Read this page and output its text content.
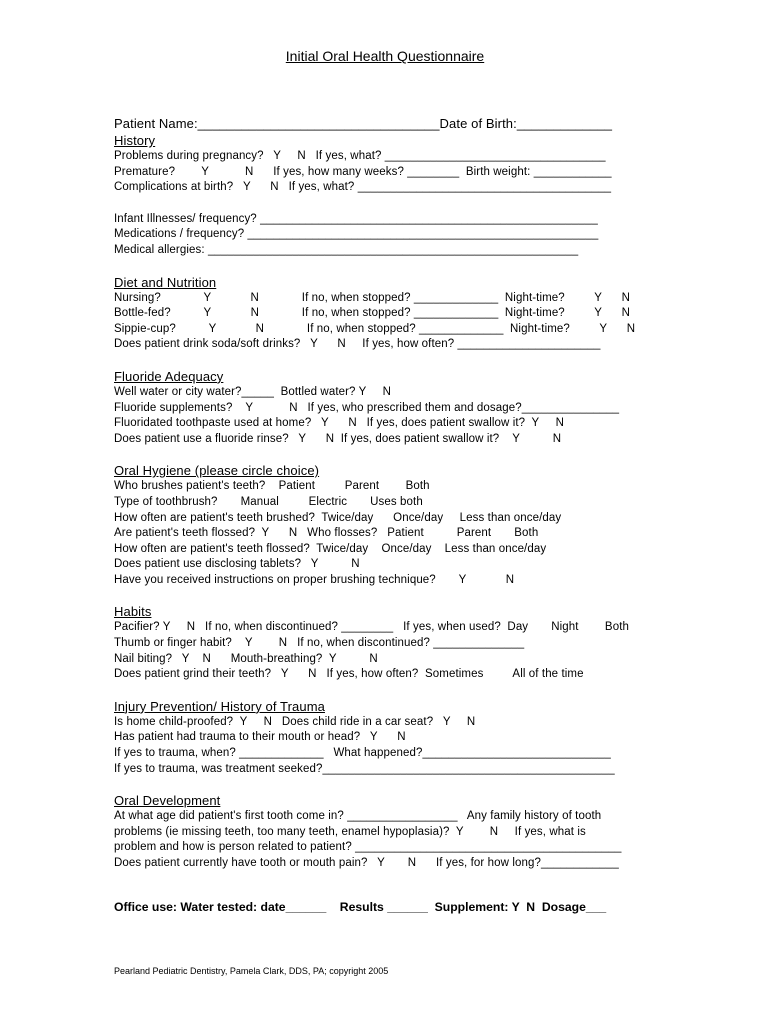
Initial Oral Health Questionnaire
Patient Name:_________________________________Date of Birth:_____________
History
Problems during pregnancy?   Y     N   If yes, what? __________________________________
Premature?        Y           N      If yes, how many weeks? ________  Birth weight: ____________
Complications at birth?   Y      N   If yes, what? _______________________________________
Infant Illnesses/ frequency? ____________________________________________________
Medications / frequency? ______________________________________________________
Medical allergies: _________________________________________________________
Diet and Nutrition
Nursing?             Y            N             If no, when stopped? _____________  Night-time?         Y      N
Bottle-fed?          Y            N             If no, when stopped? _____________  Night-time?         Y      N
Sippie-cup?          Y            N             If no, when stopped? _____________  Night-time?         Y      N
Does patient drink soda/soft drinks?   Y      N     If yes, how often? ______________________
Fluoride Adequacy
Well water or city water?_____  Bottled water? Y     N
Fluoride supplements?    Y           N   If yes, who prescribed them and dosage?_______________
Fluoridated toothpaste used at home?   Y      N   If yes, does patient swallow it?  Y     N
Does patient use a fluoride rinse?   Y      N  If yes, does patient swallow it?    Y          N
Oral Hygiene (please circle choice)
Who brushes patient's teeth?    Patient         Parent        Both
Type of toothbrush?       Manual         Electric       Uses both
How often are patient's teeth brushed?  Twice/day      Once/day     Less than once/day
Are patient's teeth flossed?  Y      N   Who flosses?   Patient          Parent       Both
How often are patient's teeth flossed?  Twice/day    Once/day    Less than once/day
Does patient use disclosing tablets?   Y          N
Have you received instructions on proper brushing technique?       Y            N
Habits
Pacifier? Y     N   If no, when discontinued? ________   If yes, when used?  Day       Night        Both
Thumb or finger habit?    Y        N   If no, when discontinued? ______________
Nail biting?   Y    N      Mouth-breathing?  Y          N
Does patient grind their teeth?   Y      N   If yes, how often?  Sometimes         All of the time
Injury Prevention/ History of Trauma
Is home child-proofed?  Y     N   Does child ride in a car seat?   Y     N
Has patient had trauma to their mouth or head?   Y      N
If yes to trauma, when? _____________   What happened?_____________________________
If yes to trauma, was treatment seeked?_____________________________________________
Oral Development
At what age did patient's first tooth come in? _________________   Any family history of tooth
problems (ie missing teeth, too many teeth, enamel hypoplasia)?  Y        N     If yes, what is
problem and how is person related to patient? _________________________________________
Does patient currently have tooth or mouth pain?   Y       N      If yes, for how long?____________
Office use: Water tested: date______    Results ______  Supplement: Y  N  Dosage___
Pearland Pediatric Dentistry, Pamela Clark, DDS, PA; copyright 2005
